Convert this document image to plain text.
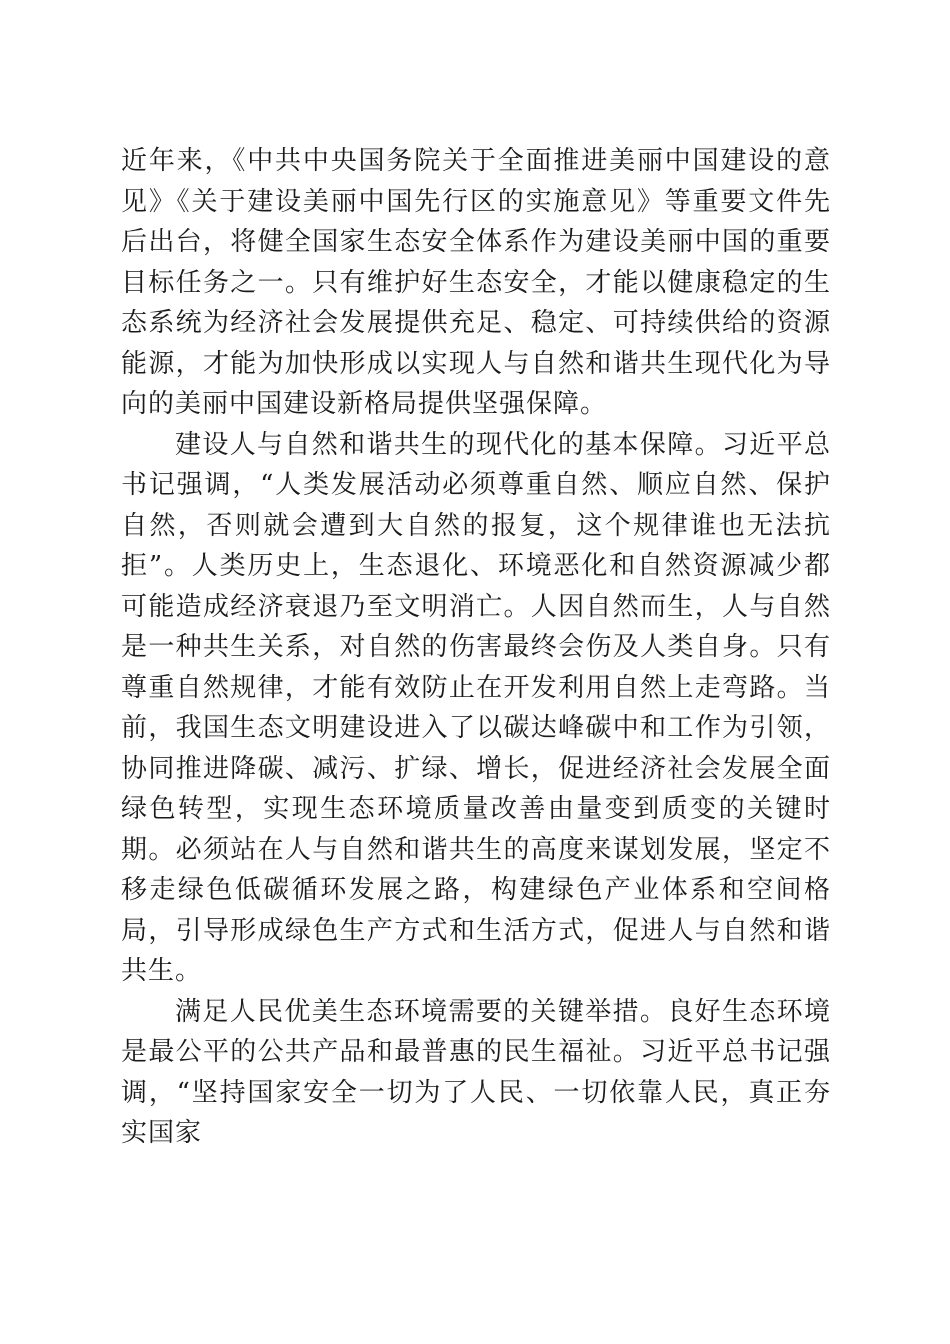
近年来，《中共中央国务院关于全面推进美丽中国建设的意见》《关于建设美丽中国先行区的实施意见》等重要文件先后出台，将健全国家生态安全体系作为建设美丽中国的重要目标任务之一。只有维护好生态安全，才能以健康稳定的生态系统为经济社会发展提供充足、稳定、可持续供给的资源能源，才能为加快形成以实现人与自然和谐共生现代化为导向的美丽中国建设新格局提供坚强保障。

建设人与自然和谐共生的现代化的基本保障。习近平总书记强调，“人类发展活动必须尊重自然、顺应自然、保护自然，否则就会遭到大自然的报复，这个规律谁也无法抗拒”。人类历史上，生态退化、环境恶化和自然资源减少都可能造成经济衰退乃至文明消亡。人因自然而生，人与自然是一种共生关系，对自然的伤害最终会伤及人类自身。只有尊重自然规律，才能有效防止在开发利用自然上走弯路。当前，我国生态文明建设进入了以碳达峰碳中和工作为引领，协同推进降碳、减污、扩绿、增长，促进经济社会发展全面绿色转型，实现生态环境质量改善由量变到质变的关键时期。必须站在人与自然和谐共生的高度来谋划发展，坚定不移走绿色低碳循环发展之路，构建绿色产业体系和空间格局，引导形成绿色生产方式和生活方式，促进人与自然和谐共生。

满足人民优美生态环境需要的关键举措。良好生态环境是最公平的公共产品和最普惠的民生福祉。习近平总书记强调，“坚持国家安全一切为了人民、一切依靠人民，真正夯实国家
